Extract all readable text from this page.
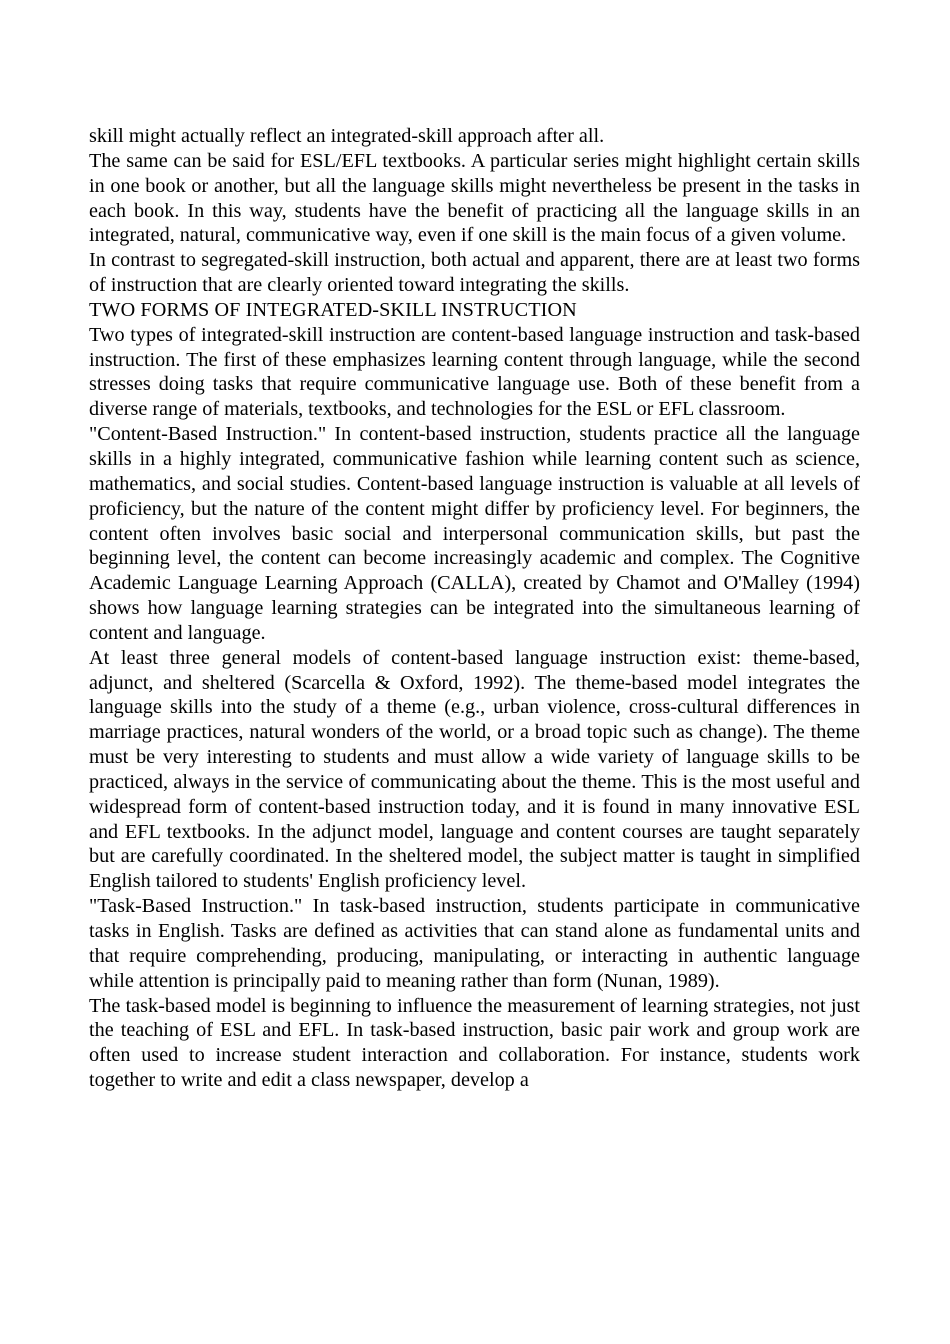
skill might actually reflect an integrated-skill approach after all.

The same can be said for ESL/EFL textbooks. A particular series might highlight certain skills in one book or another, but all the language skills might nevertheless be present in the tasks in each book. In this way, students have the benefit of practicing all the language skills in an integrated, natural, communicative way, even if one skill is the main focus of a given volume.

In contrast to segregated-skill instruction, both actual and apparent, there are at least two forms of instruction that are clearly oriented toward integrating the skills.

TWO FORMS OF INTEGRATED-SKILL INSTRUCTION

Two types of integrated-skill instruction are content-based language instruction and task-based instruction. The first of these emphasizes learning content through language, while the second stresses doing tasks that require communicative language use. Both of these benefit from a diverse range of materials, textbooks, and technologies for the ESL or EFL classroom.

"Content-Based Instruction." In content-based instruction, students practice all the language skills in a highly integrated, communicative fashion while learning content such as science, mathematics, and social studies. Content-based language instruction is valuable at all levels of proficiency, but the nature of the content might differ by proficiency level. For beginners, the content often involves basic social and interpersonal communication skills, but past the beginning level, the content can become increasingly academic and complex. The Cognitive Academic Language Learning Approach (CALLA), created by Chamot and O'Malley (1994) shows how language learning strategies can be integrated into the simultaneous learning of content and language.

At least three general models of content-based language instruction exist: theme-based, adjunct, and sheltered (Scarcella & Oxford, 1992). The theme-based model integrates the language skills into the study of a theme (e.g., urban violence, cross-cultural differences in marriage practices, natural wonders of the world, or a broad topic such as change). The theme must be very interesting to students and must allow a wide variety of language skills to be practiced, always in the service of communicating about the theme. This is the most useful and widespread form of content-based instruction today, and it is found in many innovative ESL and EFL textbooks. In the adjunct model, language and content courses are taught separately but are carefully coordinated. In the sheltered model, the subject matter is taught in simplified English tailored to students' English proficiency level.

"Task-Based Instruction." In task-based instruction, students participate in communicative tasks in English. Tasks are defined as activities that can stand alone as fundamental units and that require comprehending, producing, manipulating, or interacting in authentic language while attention is principally paid to meaning rather than form (Nunan, 1989).

The task-based model is beginning to influence the measurement of learning strategies, not just the teaching of ESL and EFL. In task-based instruction, basic pair work and group work are often used to increase student interaction and collaboration. For instance, students work together to write and edit a class newspaper, develop a
